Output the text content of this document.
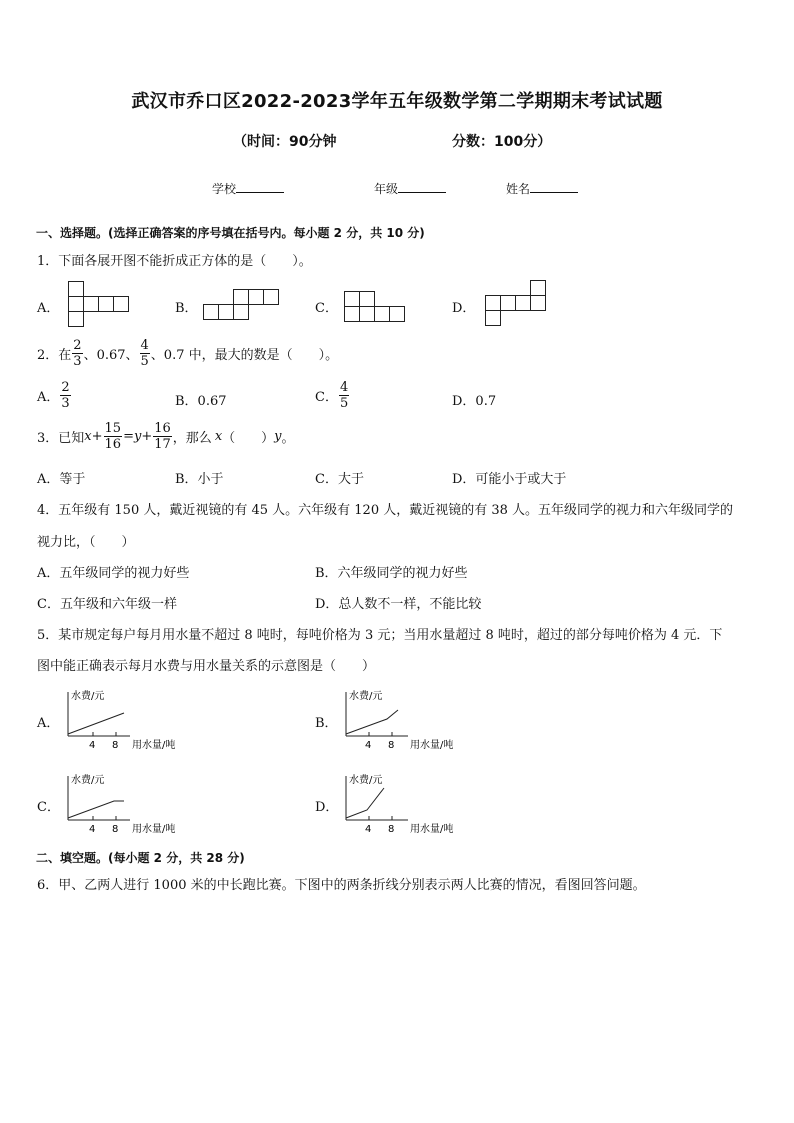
武汉市乔口区2022-2023学年五年级数学第二学期期末考试试题
（时间：90分钟	分数：100分）
学校	年级	姓名
一、选择题。(选择正确答案的序号填在括号内。每小题 2 分，共 10 分)
1．下面各展开图不能折成正方体的是（　　）。
A．	B．	C．	D．
2．在 $\frac{2}{3}$ 、0.67、 $\frac{4}{5}$ 、0.7 中，最大的数是（　　）。
A． $\frac{2}{3}$	B．0.67	C． $\frac{4}{5}$	D．0.7
3．已知 $x + \frac{15}{16} = y + \frac{16}{17}$ ，那么 x （　　） y 。
A．等于	B．小于	C．大于	D．可能小于或大于
4．五年级有 150 人，戴近视镜的有 45 人。六年级有 120 人，戴近视镜的有 38 人。五年级同学的视力和六年级同学的
视力比，（　　）
A．五年级同学的视力好些	B．六年级同学的视力好些
C．五年级和六年级一样	D．总人数不一样，不能比较
5．某市规定每户每月用水量不超过 8 吨时，每吨价格为 3 元；当用水量超过 8 吨时，超过的部分每吨价格为 4 元．下
图中能正确表示每月水费与用水量关系的示意图是（　　）
A．	B．
C．	D．
水费/元
4 8 用水量/吨
水费/元
4 8 用水量/吨
水费/元
4 8 用水量/吨
水费/元
4 8 用水量/吨
二、填空题。(每小题 2 分，共 28 分)
6．甲、乙两人进行 1000 米的中长跑比赛。下图中的两条折线分别表示两人比赛的情况，看图回答问题。
